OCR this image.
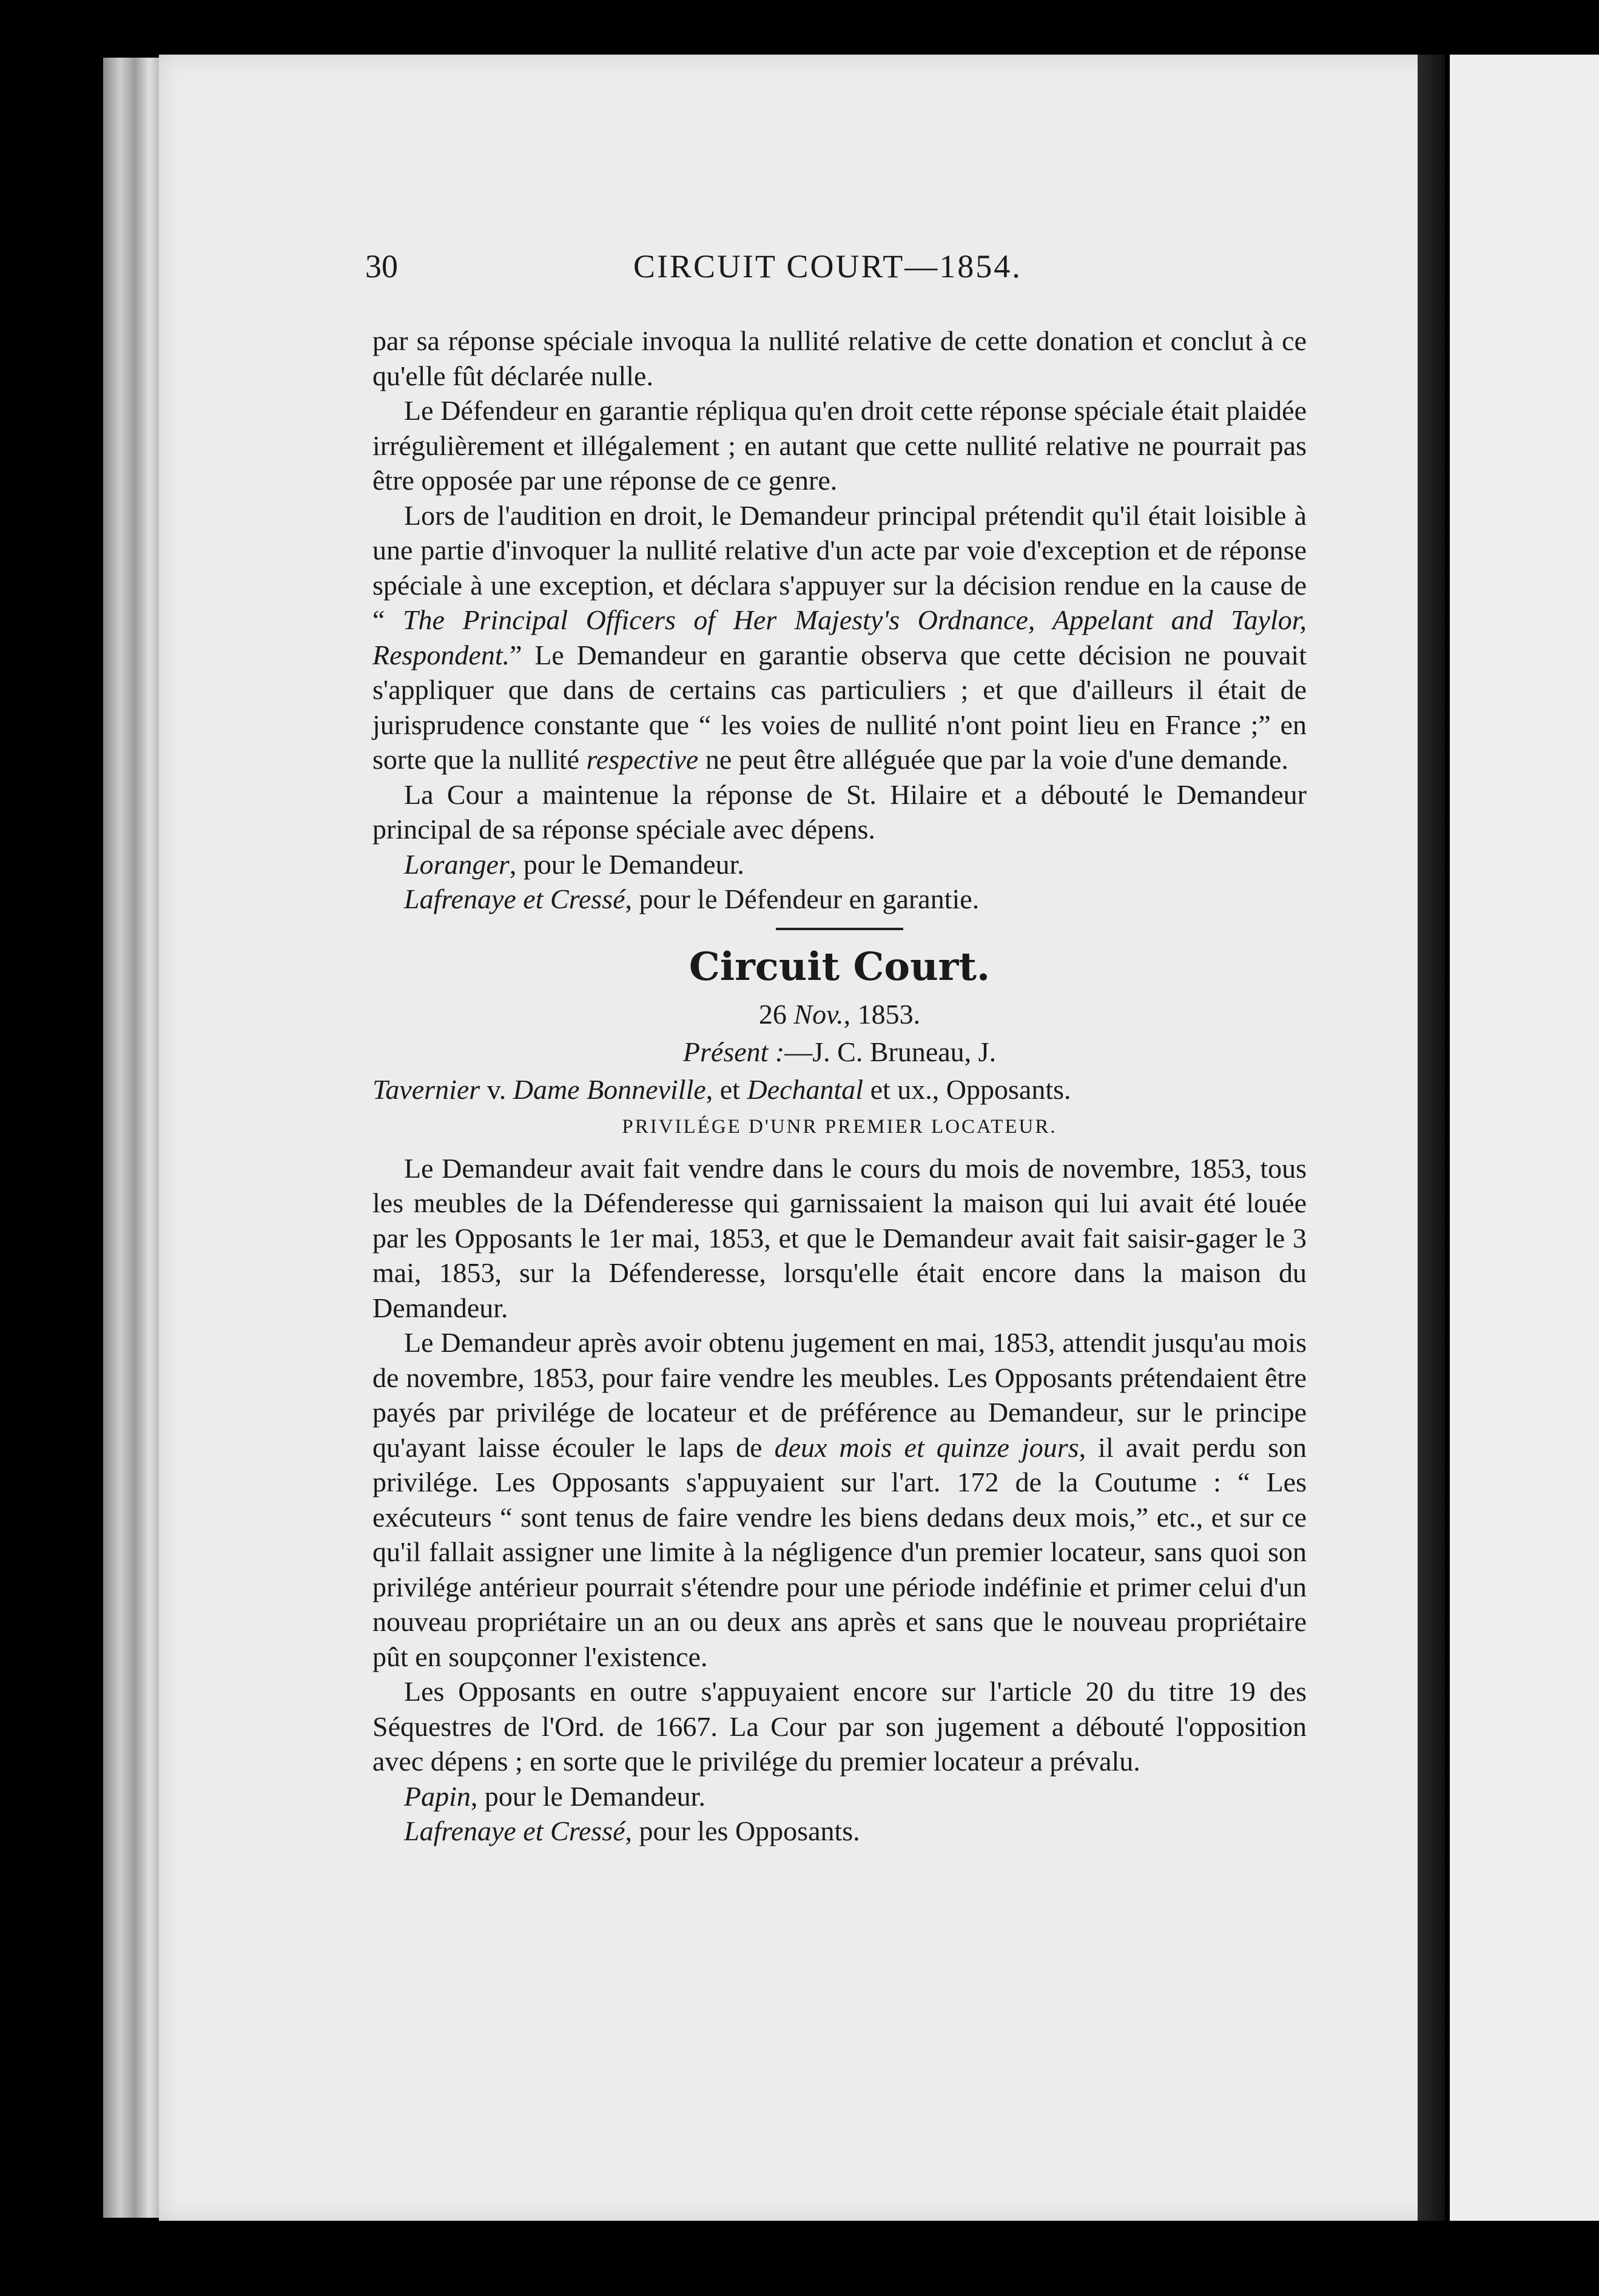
30	CIRCUIT COURT—1854.

par sa réponse spéciale invoqua la nullité relative de cette donation et conclut à ce qu'elle fût déclarée nulle.

Le Défendeur en garantie répliqua qu'en droit cette réponse spéciale était plaidée irrégulièrement et illégalement ; en autant que cette nullité relative ne pourrait pas être opposée par une réponse de ce genre.

Lors de l'audition en droit, le Demandeur principal prétendit qu'il était loisible à une partie d'invoquer la nullité relative d'un acte par voie d'exception et de réponse spéciale à une exception, et déclara s'appuyer sur la décision rendue en la cause de “ The Principal Officers of Her Majesty's Ordnance, Appelant and Taylor, Respondent.” Le Demandeur en garantie observa que cette décision ne pouvait s'appliquer que dans de certains cas particuliers ; et que d'ailleurs il était de jurisprudence constante que “ les voies de nullité n'ont point lieu en France ;” en sorte que la nullité respective ne peut être alléguée que par la voie d'une demande.

La Cour a maintenue la réponse de St. Hilaire et a débouté le Demandeur principal de sa réponse spéciale avec dépens.

Loranger, pour le Demandeur.

Lafrenaye et Cressé, pour le Défendeur en garantie.

Circuit Court.
26 Nov., 1853.
Présent :—J. C. Bruneau, J.
Tavernier v. Dame Bonneville, et Dechantal et ux., Opposants.
PRIVILÉGE D'UNR PREMIER LOCATEUR.

Le Demandeur avait fait vendre dans le cours du mois de novembre, 1853, tous les meubles de la Défenderesse qui garnissaient la maison qui lui avait été louée par les Opposants le 1er mai, 1853, et que le Demandeur avait fait saisir-gager le 3 mai, 1853, sur la Défenderesse, lorsqu'elle était encore dans la maison du Demandeur.

Le Demandeur après avoir obtenu jugement en mai, 1853, attendit jusqu'au mois de novembre, 1853, pour faire vendre les meubles. Les Opposants prétendaient être payés par privilége de locateur et de préférence au Demandeur, sur le principe qu'ayant laisse écouler le laps de deux mois et quinze jours, il avait perdu son privilége. Les Opposants s'appuyaient sur l'art. 172 de la Coutume : “ Les exécuteurs “ sont tenus de faire vendre les biens dedans deux mois,” etc., et sur ce qu'il fallait assigner une limite à la négligence d'un premier locateur, sans quoi son privilége antérieur pourrait s'étendre pour une période indéfinie et primer celui d'un nouveau propriétaire un an ou deux ans après et sans que le nouveau propriétaire pût en soupçonner l'existence.

Les Opposants en outre s'appuyaient encore sur l'article 20 du titre 19 des Séquestres de l'Ord. de 1667. La Cour par son jugement a débouté l'opposition avec dépens ; en sorte que le privilége du premier locateur a prévalu.

Papin, pour le Demandeur.

Lafrenaye et Cressé, pour les Opposants.
